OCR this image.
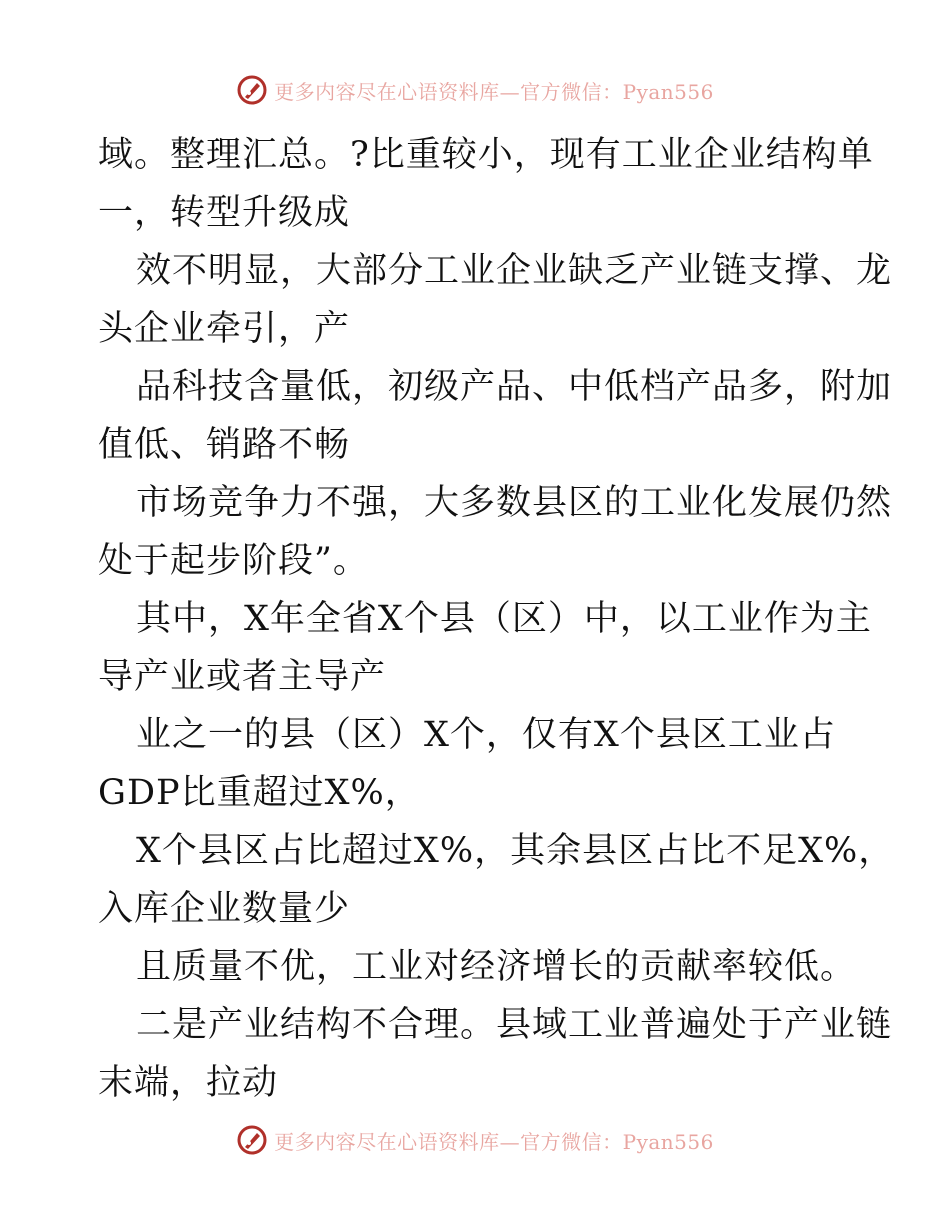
更多内容尽在心语资料库—官方微信：Pyan556
域。整理汇总。?比重较小，现有工业企业结构单
一，转型升级成
效不明显，大部分工业企业缺乏产业链支撑、龙
头企业牵引，产
品科技含量低，初级产品、中低档产品多，附加
值低、销路不畅
市场竞争力不强，大多数县区的工业化发展仍然
处于起步阶段”。
其中，X年全省X个县（区）中，以工业作为主
导产业或者主导产
业之一的县（区）X个，仅有X个县区工业占
GDP比重超过X%，
X个县区占比超过X%，其余县区占比不足X%，
入库企业数量少
且质量不优，工业对经济增长的贡献率较低。
二是产业结构不合理。县域工业普遍处于产业链
末端，拉动
更多内容尽在心语资料库—官方微信：Pyan556
